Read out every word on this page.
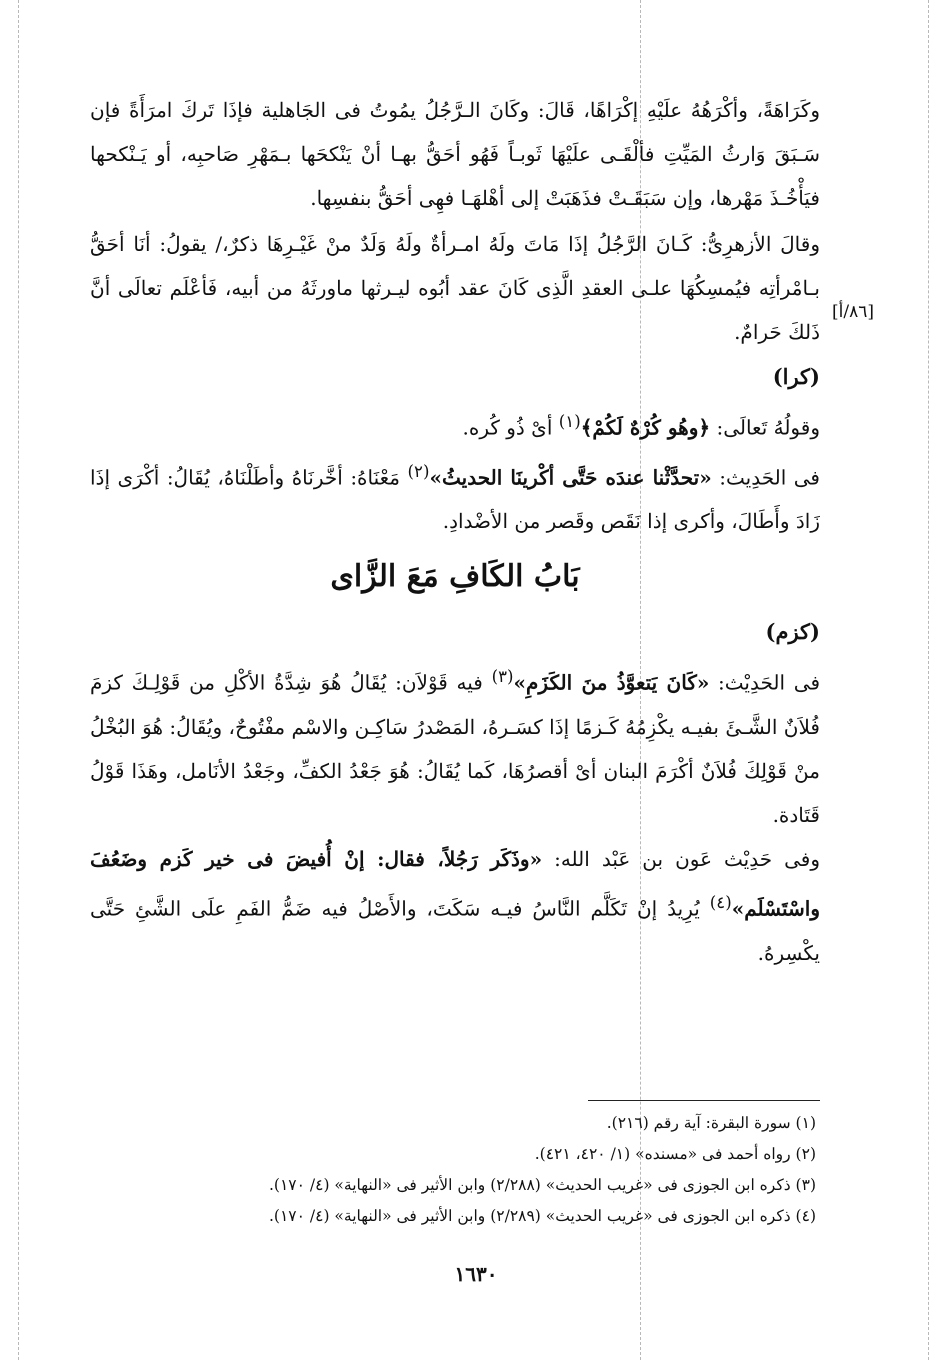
[٨٦/أ]

وكَرَاهَةً، وأكْرَهُهُ علَيْهِ إكْرَاهًا، قَالَ: وكَانَ الـرَّجُلُ يمُوتُ فى الجَاهلية فإذَا تَركَ امرَأَةً فإن سَـبَقَ وَارثُ المَيِّتِ فألْقَـى علَيْهَا ثَوبـاً فَهُو أحَقُّ بهـا أنْ يَنْكحَها بـمَهْرِ صَاحبِه، أو يَـنْكحها فيَأْخُـذَ مَهْرها، وإن سَبَقَـتْ فذَهَبَتْ إلى أهْلهَـا فهِى أحَقُّ بنفسِها.

وقالَ الأزهرِىُّ: كَـانَ الرَّجُلُ إذَا مَاتَ ولَهُ امـرأةٌ ولَهُ وَلَدٌ منْ غَيْـرِهَا ذكرٌ،/ يقولُ: أنَا أحَقُّ بـامْرأتِه فيُمسِكُهَا علـى العقدِ الَّذِى كَانَ عقد أبُوه ليـرثها ماورثَهُ من أبيه، فَأعْلَم تعالَى أنَّ ذَلكَ حَرامٌ.

(كرا)

وقولُهُ تَعالَى: ﴿وهُو كُرْهٌ لَكُمْ﴾$^{(١)}$ أىْ ذُو كُره.

فى الحَدِيث: «تحدَّثْنا عندَه حَتَّى أكْرينَا الحديثُ»$^{(٢)}$ مَعْنَاهُ: أخَّرنَاهُ وأطَلْنَاهُ، يُقَالُ: أكْرَى إذَا زَادَ وأَطَالَ، وأكرى إذا نَقَص وقَصر من الأضْدادِ.

بَابُ الكَافِ مَعَ الزَّاى

(كزم)

فى الحَدِيْث: «كَانَ يَتعوَّذُ منَ الكَزَمِ»$^{(٣)}$ فيه قَوْلاَن: يُقَالُ هُوَ شِدَّةُ الأكْلِ من قَوْلِـكَ كزمَ فُلاَنٌ الشَّـئَ بفيـه يكْزِمُهُ كَـزمًا إذَا كسَـرهُ، المَصْدرُ سَاكِـن والاسْم مفْتُوحٌ، ويُقَالُ: هُوَ البُخْلُ منْ قَوْلِكَ فُلاَنٌ أكْرَمَ البنان أىْ أقصرُهَا، كَما يُقَالُ: هُوَ جَعْدُ الكفِّ، وجَعْدُ الأنَامل، وهَذَا قَوْلُ قَتَادة.

وفى حَدِيْث عَون بن عَبْد الله: «وذَكَر رَجُلاً، فقال: إنْ أُفيضَ فى خير كَزم وضَعُفَ واسْتَسْلَم»$^{(٤)}$ يُرِيدُ إنْ تَكَلَّم النَّاسُ فيـه سَكَتَ، والأَصْلُ فيه ضَمُّ الفَمِ علَى الشَّئِ حَتَّى يكْسِرهُ.

(١) سورة البقرة: آية رقم (٢١٦).

(٢) رواه أحمد فى «مسنده» (١/ ٤٢٠، ٤٢١).

(٣) ذكره ابن الجوزى فى «غريب الحديث» (٢/٢٨٨) وابن الأثير فى «النهاية» (٤/ ١٧٠).

(٤) ذكره ابن الجوزى فى «غريب الحديث» (٢/٢٨٩) وابن الأثير فى «النهاية» (٤/ ١٧٠).

١٦٣٠
